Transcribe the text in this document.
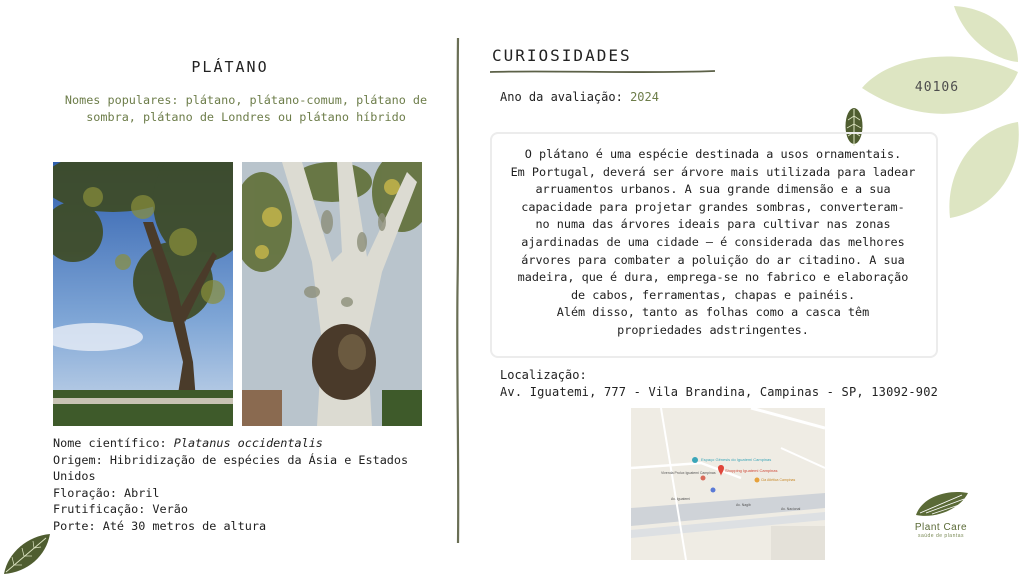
PLÁTANO
Nomes populares: plátano, plátano-comum, plátano de sombra, plátano de Londres ou plátano híbrido
Nome científico: Platanus occidentalis
Origem: Hibridização de espécies da Ásia e Estados Unidos
Floração: Abril
Frutificação: Verão
Porte: Até 30 metros de altura
CURIOSIDADES
Ano da avaliação: 2024
40106
O plátano é uma espécie destinada a usos ornamentais.
Em Portugal, deverá ser árvore mais utilizada para ladear
arruamentos urbanos. A sua grande dimensão e a sua
capacidade para projetar grandes sombras, converteram-
no numa das árvores ideais para cultivar nas zonas
ajardinadas de uma cidade – é considerada das melhores
árvores para combater a poluição do ar citadino. A sua
madeira, que é dura, emprega-se no fabrico e elaboração
de cabos, ferramentas, chapas e painéis.
Além disso, tanto as folhas como a casca têm
propriedades adstringentes.
Localização:
Av. Iguatemi, 777 - Vila Brandina, Campinas - SP, 13092-902
Espaço Gênesis do Iguatemi Campinas
Shopping Iguatemi Campinas
Vivenda Prolux Iguatemi Campinas
Cia Atlética Campinas
Av. Iguatemi
Av. Nagib
Av. Nacional
Plant Care
saúde de plantas
